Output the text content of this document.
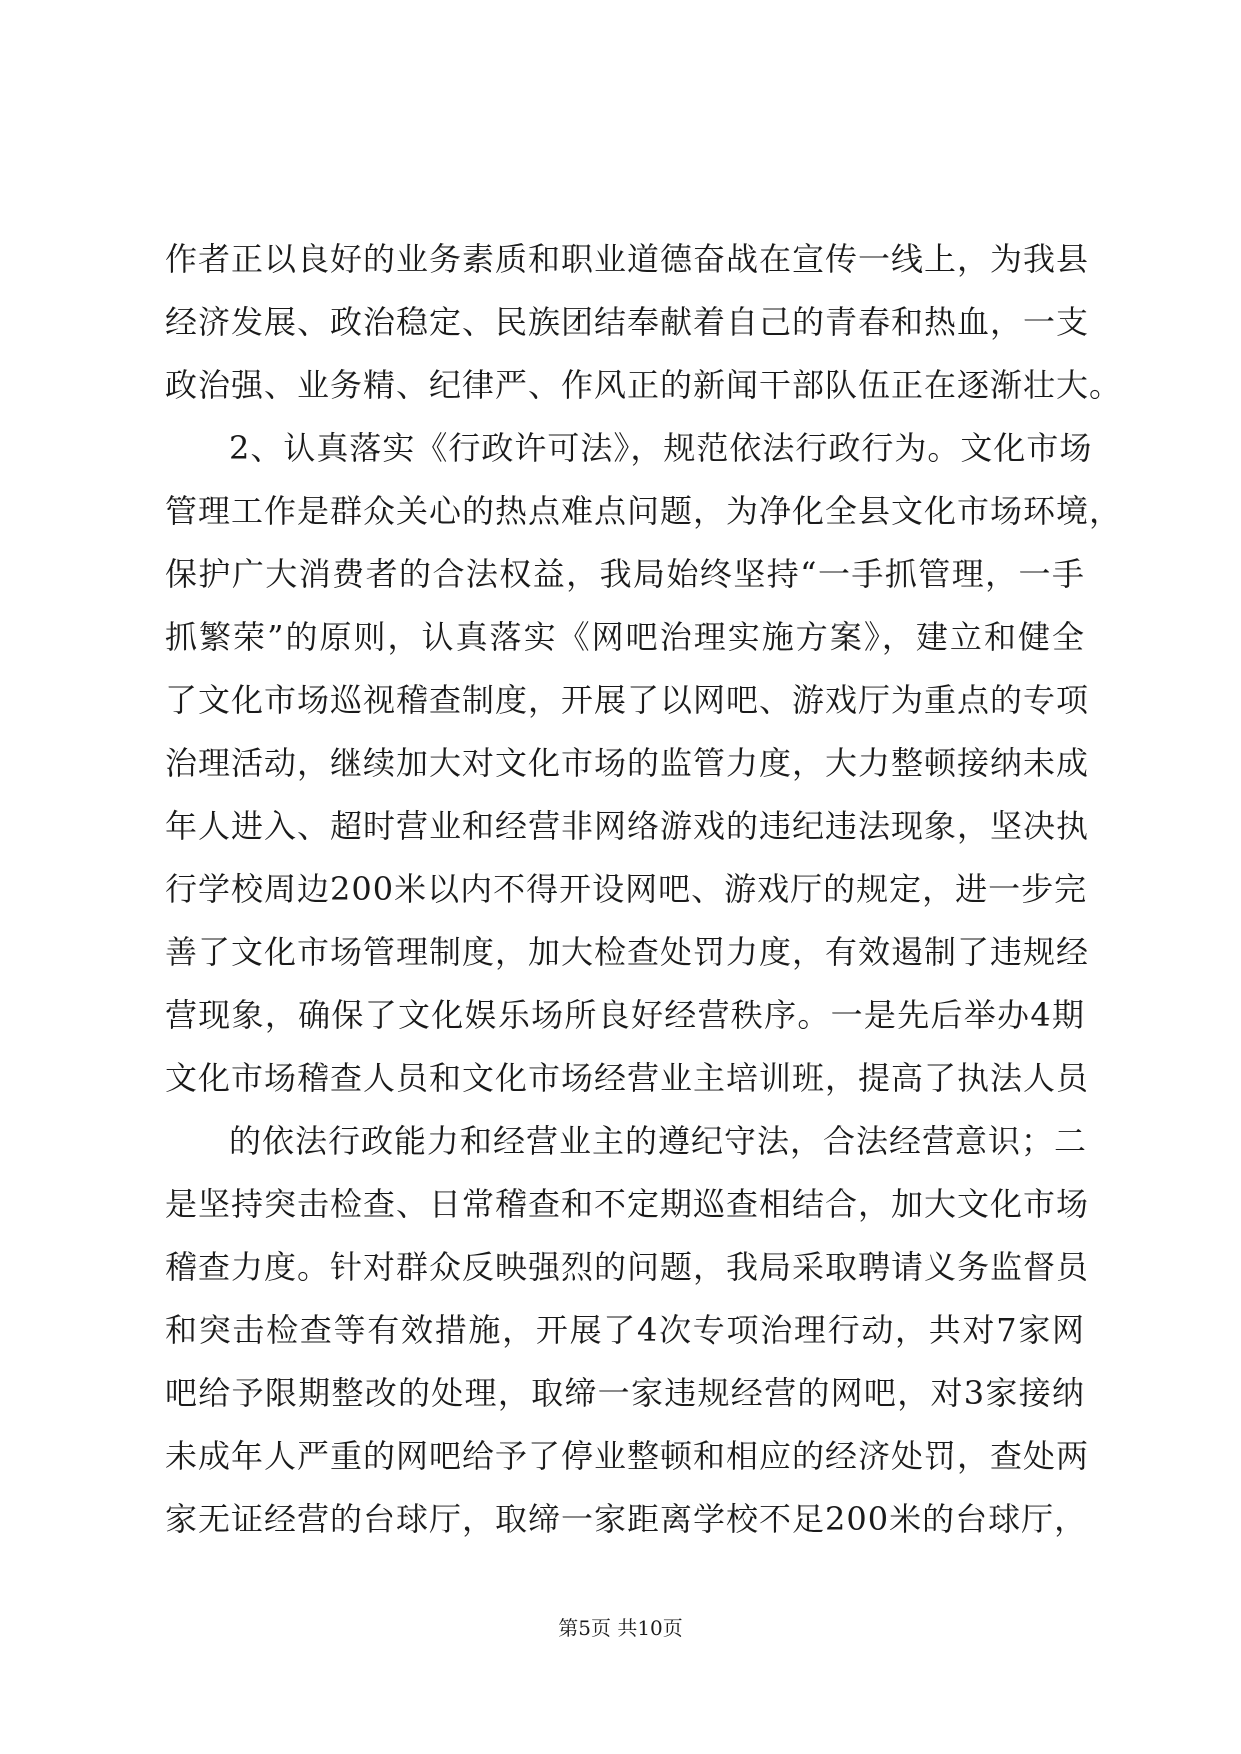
作者正以良好的业务素质和职业道德奋战在宣传一线上，为我县
经济发展、政治稳定、民族团结奉献着自己的青春和热血，一支
政治强、业务精、纪律严、作风正的新闻干部队伍正在逐渐壮大。
2、认真落实《行政许可法》，规范依法行政行为。文化市场
管理工作是群众关心的热点难点问题，为净化全县文化市场环境，
保护广大消费者的合法权益，我局始终坚持“一手抓管理，一手
抓繁荣”的原则，认真落实《网吧治理实施方案》，建立和健全
了文化市场巡视稽查制度，开展了以网吧、游戏厅为重点的专项
治理活动，继续加大对文化市场的监管力度，大力整顿接纳未成
年人进入、超时营业和经营非网络游戏的违纪违法现象，坚决执
行学校周边200米以内不得开设网吧、游戏厅的规定，进一步完
善了文化市场管理制度，加大检查处罚力度，有效遏制了违规经
营现象，确保了文化娱乐场所良好经营秩序。一是先后举办4期
文化市场稽查人员和文化市场经营业主培训班，提高了执法人员
的依法行政能力和经营业主的遵纪守法，合法经营意识；二
是坚持突击检查、日常稽查和不定期巡查相结合，加大文化市场
稽查力度。针对群众反映强烈的问题，我局采取聘请义务监督员
和突击检查等有效措施，开展了4次专项治理行动，共对7家网
吧给予限期整改的处理，取缔一家违规经营的网吧，对3家接纳
未成年人严重的网吧给予了停业整顿和相应的经济处罚，查处两
家无证经营的台球厅，取缔一家距离学校不足200米的台球厅，
第5页 共10页
